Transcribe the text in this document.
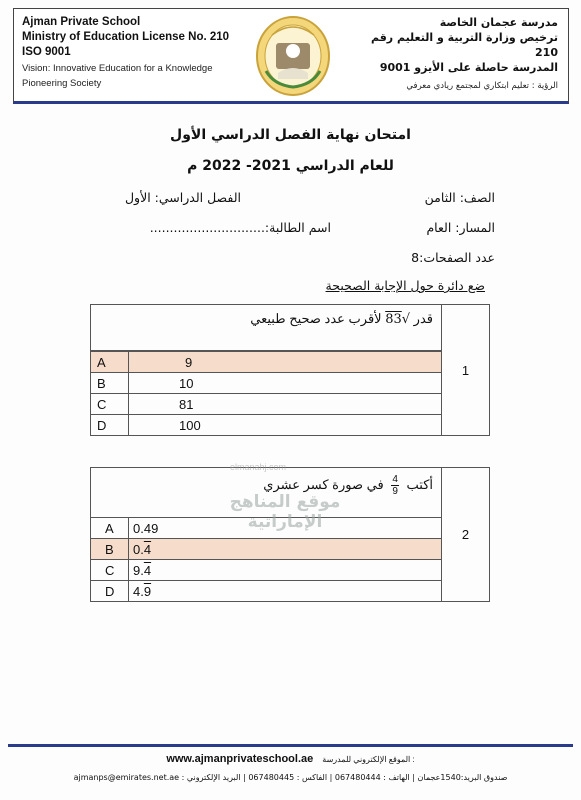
Ajman Private School
Ministry of Education License No. 210
ISO 9001
Vision: Innovative Education for a Knowledge
Pioneering Society
مدرسة عجمان الخاصة
ترخيص وزارة التربية و التعليم رقم 210
المدرسة حاصلة على الأيزو 9001
الرؤية : تعليم ابتكاري لمجتمع ريادي معرفي
امتحان نهاية الفصل الدراسي الأول
للعام الدراسي 2021- 2022 م
الصف: الثامن
الفصل الدراسي: الأول
المسار: العام
اسم الطالبة:.............................
عدد الصفحات:8
ضع دائرة حول الإجابة الصحيحة
قدر √83 لأقرب عدد صحيح طبيعي		1

A	9	
B	10	
C	81	
D	100	
أكتب
$\frac{4}{9}$ في صورة كسر عشري		2
A	0.49	
B	0.4	
C	9.4	
D	4.9	
elmanahj.com
موقع المناهج الإماراتية
www.ajmanprivateschool.ae الموقع الإلكتروني للمدرسة :
صندوق البريد:1540عجمان | الهاتف : 067480444 | الفاكس : 067480445 | البريد الإلكتروني : ajmanps@emirates.net.ae
